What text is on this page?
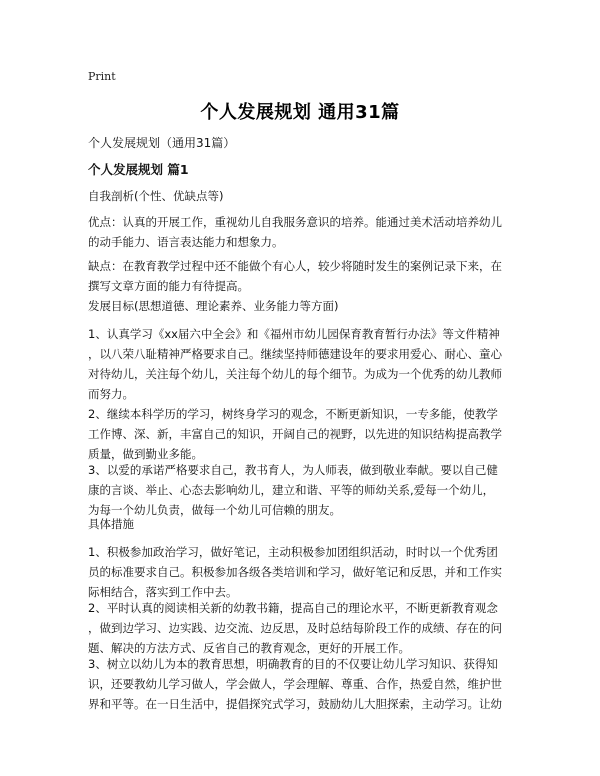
Print
个人发展规划 通用31篇
个人发展规划（通用31篇）
个人发展规划 篇1
自我剖析(个性、优缺点等)
优点：认真的开展工作，重视幼儿自我服务意识的培养。能通过美术活动培养幼儿
的动手能力、语言表达能力和想象力。
缺点：在教育教学过程中还不能做个有心人，较少将随时发生的案例记录下来，在
撰写文章方面的能力有待提高。
发展目标(思想道德、理论素养、业务能力等方面)
1、认真学习《xx届六中全会》和《福州市幼儿园保育教育暂行办法》等文件精神
，以八荣八耻精神严格要求自己。继续坚持师德建设年的要求用爱心、耐心、童心
对待幼儿，关注每个幼儿，关注每个幼儿的每个细节。为成为一个优秀的幼儿教师
而努力。
2、继续本科学历的学习，树终身学习的观念，不断更新知识，一专多能，使教学
工作博、深、新，丰富自己的知识，开阔自己的视野，以先进的知识结构提高教学
质量，做到勤业多能。
3、以爱的承诺严格要求自己，教书育人，为人师表，做到敬业奉献。要以自己健
康的言谈、举止、心态去影响幼儿，建立和谐、平等的师幼关系,爱每一个幼儿，
为每一个幼儿负责，做每一个幼儿可信赖的朋友。
具体措施
1、积极参加政治学习，做好笔记，主动积极参加团组织活动，时时以一个优秀团
员的标准要求自己。积极参加各级各类培训和学习，做好笔记和反思，并和工作实
际相结合，落实到工作中去。
2、平时认真的阅读相关新的幼教书籍，提高自己的理论水平，不断更新教育观念
，做到边学习、边实践、边交流、边反思，及时总结每阶段工作的成绩、存在的问
题、解决的方法方式、反省自己的教育观念，更好的开展工作。
3、树立以幼儿为本的教育思想，明确教育的目的不仅要让幼儿学习知识、获得知
识，还要教幼儿学习做人，学会做人，学会理解、尊重、合作，热爱自然，维护世
界和平等。在一日生活中，提倡探究式学习，鼓励幼儿大胆探索，主动学习。让幼
